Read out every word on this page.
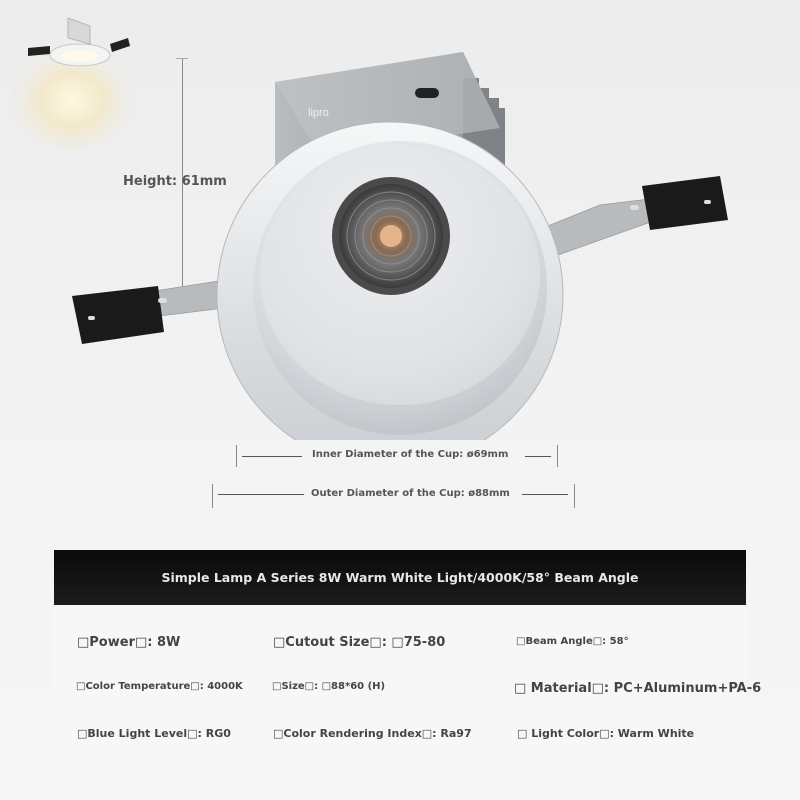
Height: 61mm
lipro
Inner Diameter of the Cup: ø69mm
Outer Diameter of the Cup: ø88mm
Simple Lamp A Series 8W Warm White Light/4000K/58° Beam Angle
□Power□: 8W	□Cutout Size□: □75-80	□Beam Angle□: 58°
□Color Temperature□: 4000K	□Size□: □88*60 (H)	□ Material□: PC+Aluminum+PA-6
□Blue Light Level□: RG0	□Color Rendering Index□: Ra97	□ Light Color□: Warm White
